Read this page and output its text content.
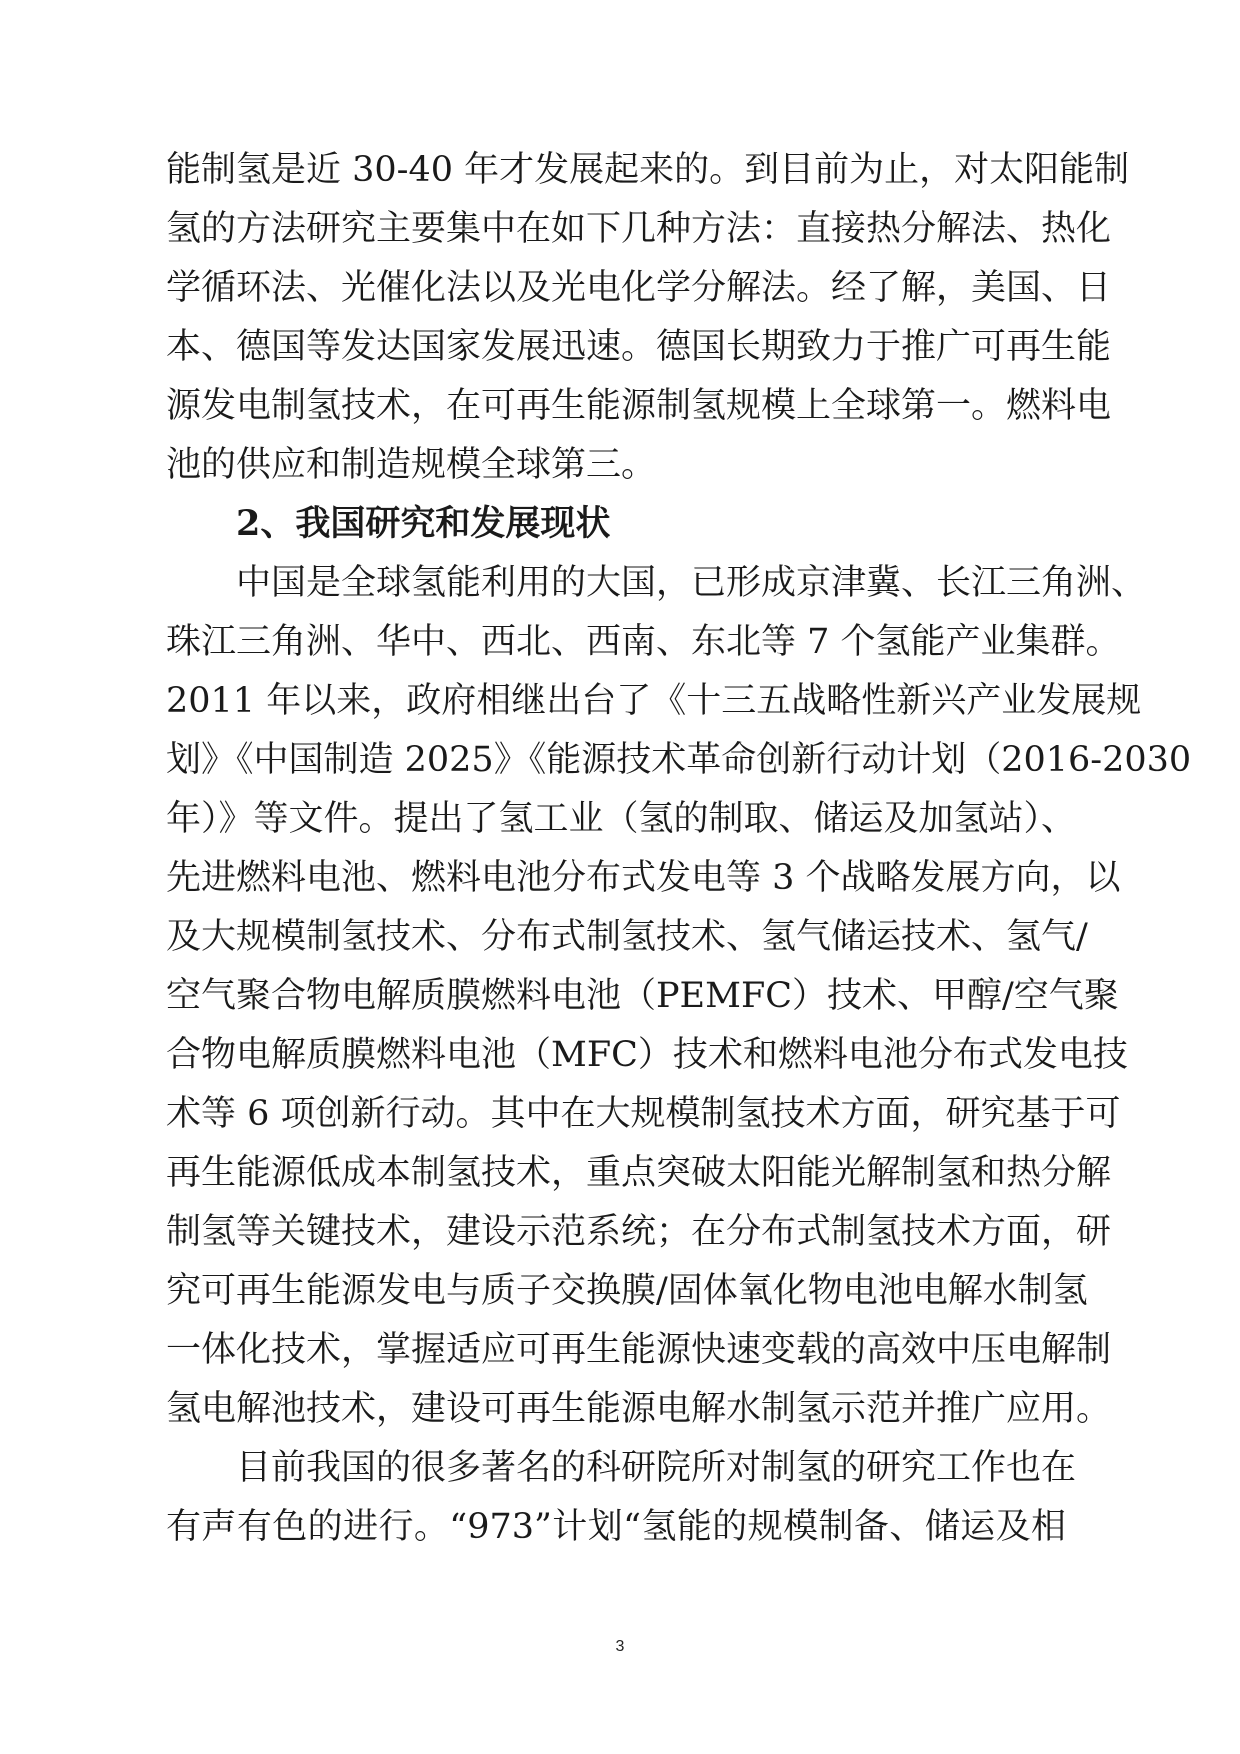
能制氢是近 30-40 年才发展起来的。到目前为止，对太阳能制
氢的方法研究主要集中在如下几种方法：直接热分解法、热化
学循环法、光催化法以及光电化学分解法。经了解，美国、日
本、德国等发达国家发展迅速。德国长期致力于推广可再生能
源发电制氢技术，在可再生能源制氢规模上全球第一。燃料电
池的供应和制造规模全球第三。
2、我国研究和发展现状
中国是全球氢能利用的大国，已形成京津冀、长江三角洲、
珠江三角洲、华中、西北、西南、东北等 7 个氢能产业集群。
2011 年以来，政府相继出台了《十三五战略性新兴产业发展规
划》《中国制造 2025》《能源技术革命创新行动计划（2016-2030
年）》等文件。提出了氢工业（氢的制取、储运及加氢站）、
先进燃料电池、燃料电池分布式发电等 3 个战略发展方向，以
及大规模制氢技术、分布式制氢技术、氢气储运技术、氢气/
空气聚合物电解质膜燃料电池（PEMFC）技术、甲醇/空气聚
合物电解质膜燃料电池（MFC）技术和燃料电池分布式发电技
术等 6 项创新行动。其中在大规模制氢技术方面，研究基于可
再生能源低成本制氢技术，重点突破太阳能光解制氢和热分解
制氢等关键技术，建设示范系统；在分布式制氢技术方面，研
究可再生能源发电与质子交换膜/固体氧化物电池电解水制氢
一体化技术，掌握适应可再生能源快速变载的高效中压电解制
氢电解池技术，建设可再生能源电解水制氢示范并推广应用。
目前我国的很多著名的科研院所对制氢的研究工作也在
有声有色的进行。“973”计划“氢能的规模制备、储运及相
3
